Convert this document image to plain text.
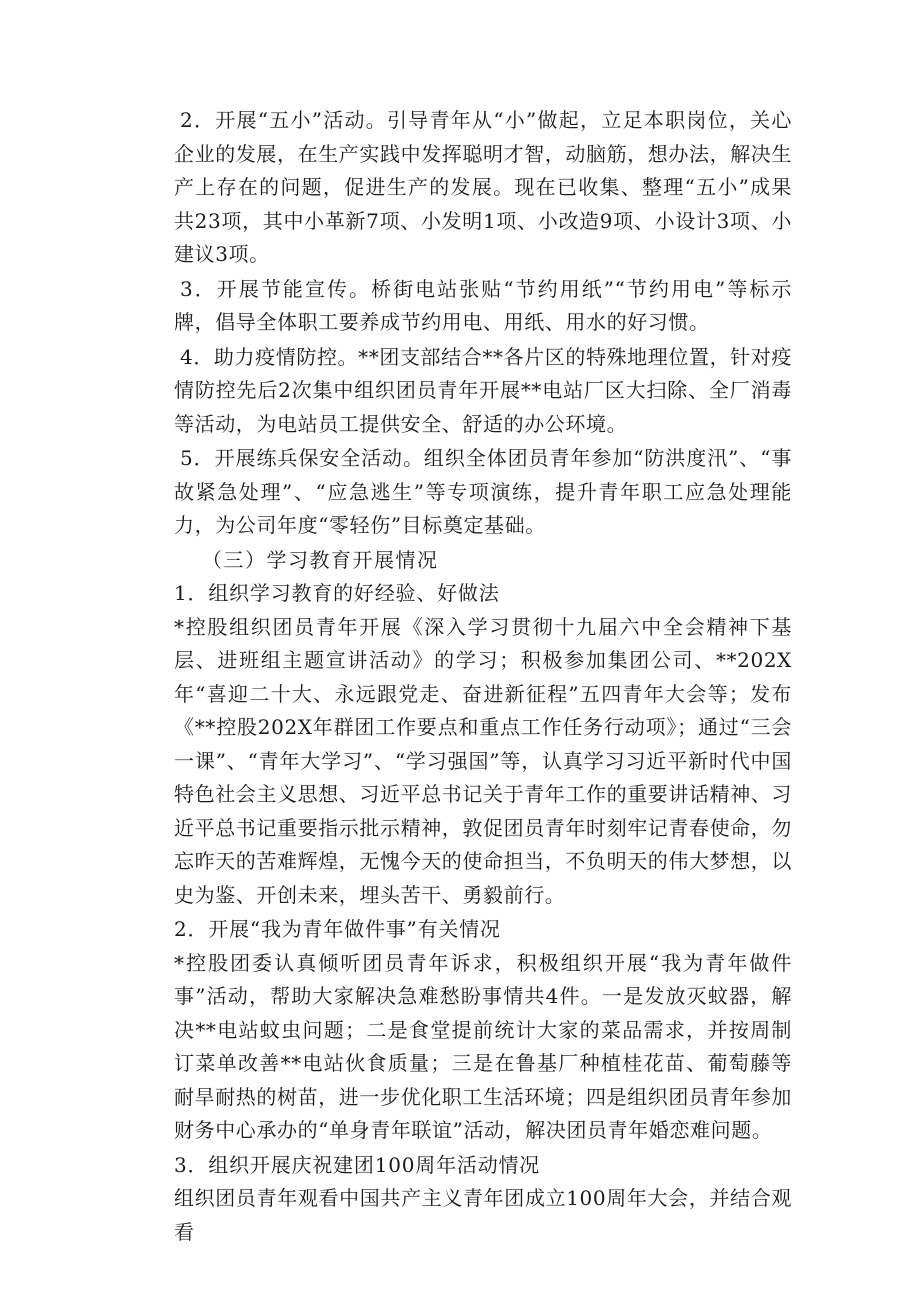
2．开展“五小”活动。引导青年从“小”做起，立足本职岗位，关心企业的发展，在生产实践中发挥聪明才智，动脑筋，想办法，解决生产上存在的问题，促进生产的发展。现在已收集、整理“五小”成果共23项，其中小革新7项、小发明1项、小改造9项、小设计3项、小建议3项。

3．开展节能宣传。桥街电站张贴“节约用纸”“节约用电”等标示牌，倡导全体职工要养成节约用电、用纸、用水的好习惯。

4．助力疫情防控。**团支部结合**各片区的特殊地理位置，针对疫情防控先后2次集中组织团员青年开展**电站厂区大扫除、全厂消毒等活动，为电站员工提供安全、舒适的办公环境。

5．开展练兵保安全活动。组织全体团员青年参加“防洪度汛”、“事故紧急处理”、“应急逃生”等专项演练，提升青年职工应急处理能力，为公司年度“零轻伤”目标奠定基础。

（三）学习教育开展情况

1．组织学习教育的好经验、好做法

*控股组织团员青年开展《深入学习贯彻十九届六中全会精神下基层、进班组主题宣讲活动》的学习；积极参加集团公司、**202X年“喜迎二十大、永远跟党走、奋进新征程”五四青年大会等；发布《**控股202X年群团工作要点和重点工作任务行动项》；通过“三会一课”、“青年大学习”、“学习强国”等，认真学习习近平新时代中国特色社会主义思想、习近平总书记关于青年工作的重要讲话精神、习近平总书记重要指示批示精神，敦促团员青年时刻牢记青春使命，勿忘昨天的苦难辉煌，无愧今天的使命担当，不负明天的伟大梦想，以史为鉴、开创未来，埋头苦干、勇毅前行。

2．开展“我为青年做件事”有关情况

*控股团委认真倾听团员青年诉求，积极组织开展“我为青年做件事”活动，帮助大家解决急难愁盼事情共4件。一是发放灭蚊器，解决**电站蚊虫问题；二是食堂提前统计大家的菜品需求，并按周制订菜单改善**电站伙食质量；三是在鲁基厂种植桂花苗、葡萄藤等耐旱耐热的树苗，进一步优化职工生活环境；四是组织团员青年参加财务中心承办的“单身青年联谊”活动，解决团员青年婚恋难问题。

3．组织开展庆祝建团100周年活动情况

组织团员青年观看中国共产主义青年团成立100周年大会，并结合观看
